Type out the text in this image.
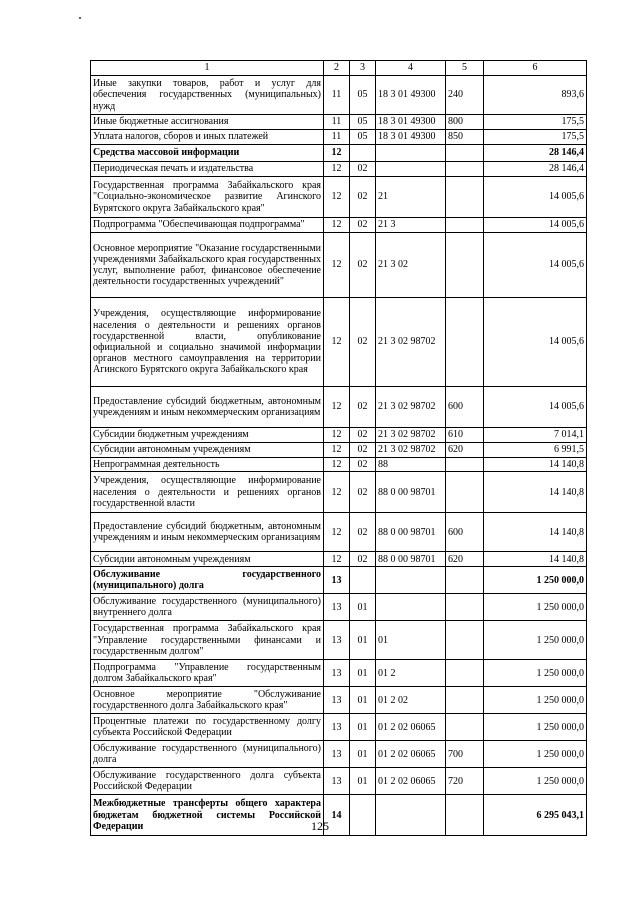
1	2	3	4	5	6
Иные закупки товаров, работ и услуг для обеспечения государственных (муниципальных) нужд	11	05	18 3 01 49300	240	893,6
Иные бюджетные ассигнования	11	05	18 3 01 49300	800	175,5
Уплата налогов, сборов и иных платежей	11	05	18 3 01 49300	850	175,5
Средства массовой информации	12				28 146,4
Периодическая печать и издательства	12	02			28 146,4
Государственная программа Забайкальского края "Социально-экономическое развитие Агинского Бурятского округа Забайкальского края"	12	02	21		14 005,6
Подпрограмма "Обеспечивающая подпрограмма"	12	02	21 3		14 005,6
Основное мероприятие "Оказание государственными учреждениями Забайкальского края государственных услуг, выполнение работ, финансовое обеспечение деятельности государственных учреждений"	12	02	21 3 02		14 005,6
Учреждения, осуществляющие информирование населения о деятельности и решениях органов государственной власти, опубликование официальной и социально значимой информации органов местного самоуправления на территории Агинского Бурятского округа Забайкальского края	12	02	21 3 02 98702		14 005,6
Предоставление субсидий бюджетным, автономным учреждениям и иным некоммерческим организациям	12	02	21 3 02 98702	600	14 005,6
Субсидии бюджетным учреждениям	12	02	21 3 02 98702	610	7 014,1
Субсидии автономным учреждениям	12	02	21 3 02 98702	620	6 991,5
Непрограммная деятельность	12	02	88		14 140,8
Учреждения, осуществляющие информирование населения о деятельности и решениях органов государственной власти	12	02	88 0 00 98701		14 140,8
Предоставление субсидий бюджетным, автономным учреждениям и иным некоммерческим организациям	12	02	88 0 00 98701	600	14 140,8
Субсидии автономным учреждениям	12	02	88 0 00 98701	620	14 140,8
Обслуживание государственного (муниципального) долга	13				1 250 000,0
Обслуживание государственного (муниципального) внутреннего долга	13	01			1 250 000,0
Государственная программа Забайкальского края "Управление государственными финансами и государственным долгом"	13	01	01		1 250 000,0
Подпрограмма "Управление государственным долгом Забайкальского края"	13	01	01 2		1 250 000,0
Основное мероприятие "Обслуживание государственного долга Забайкальского края"	13	01	01 2 02		1 250 000,0
Процентные платежи по государственному долгу субъекта Российской Федерации	13	01	01 2 02 06065		1 250 000,0
Обслуживание государственного (муниципального) долга	13	01	01 2 02 06065	700	1 250 000,0
Обслуживание государственного долга субъекта Российской Федерации	13	01	01 2 02 06065	720	1 250 000,0
Межбюджетные трансферты общего характера бюджетам бюджетной системы Российской Федерации	14				6 295 043,1
125
